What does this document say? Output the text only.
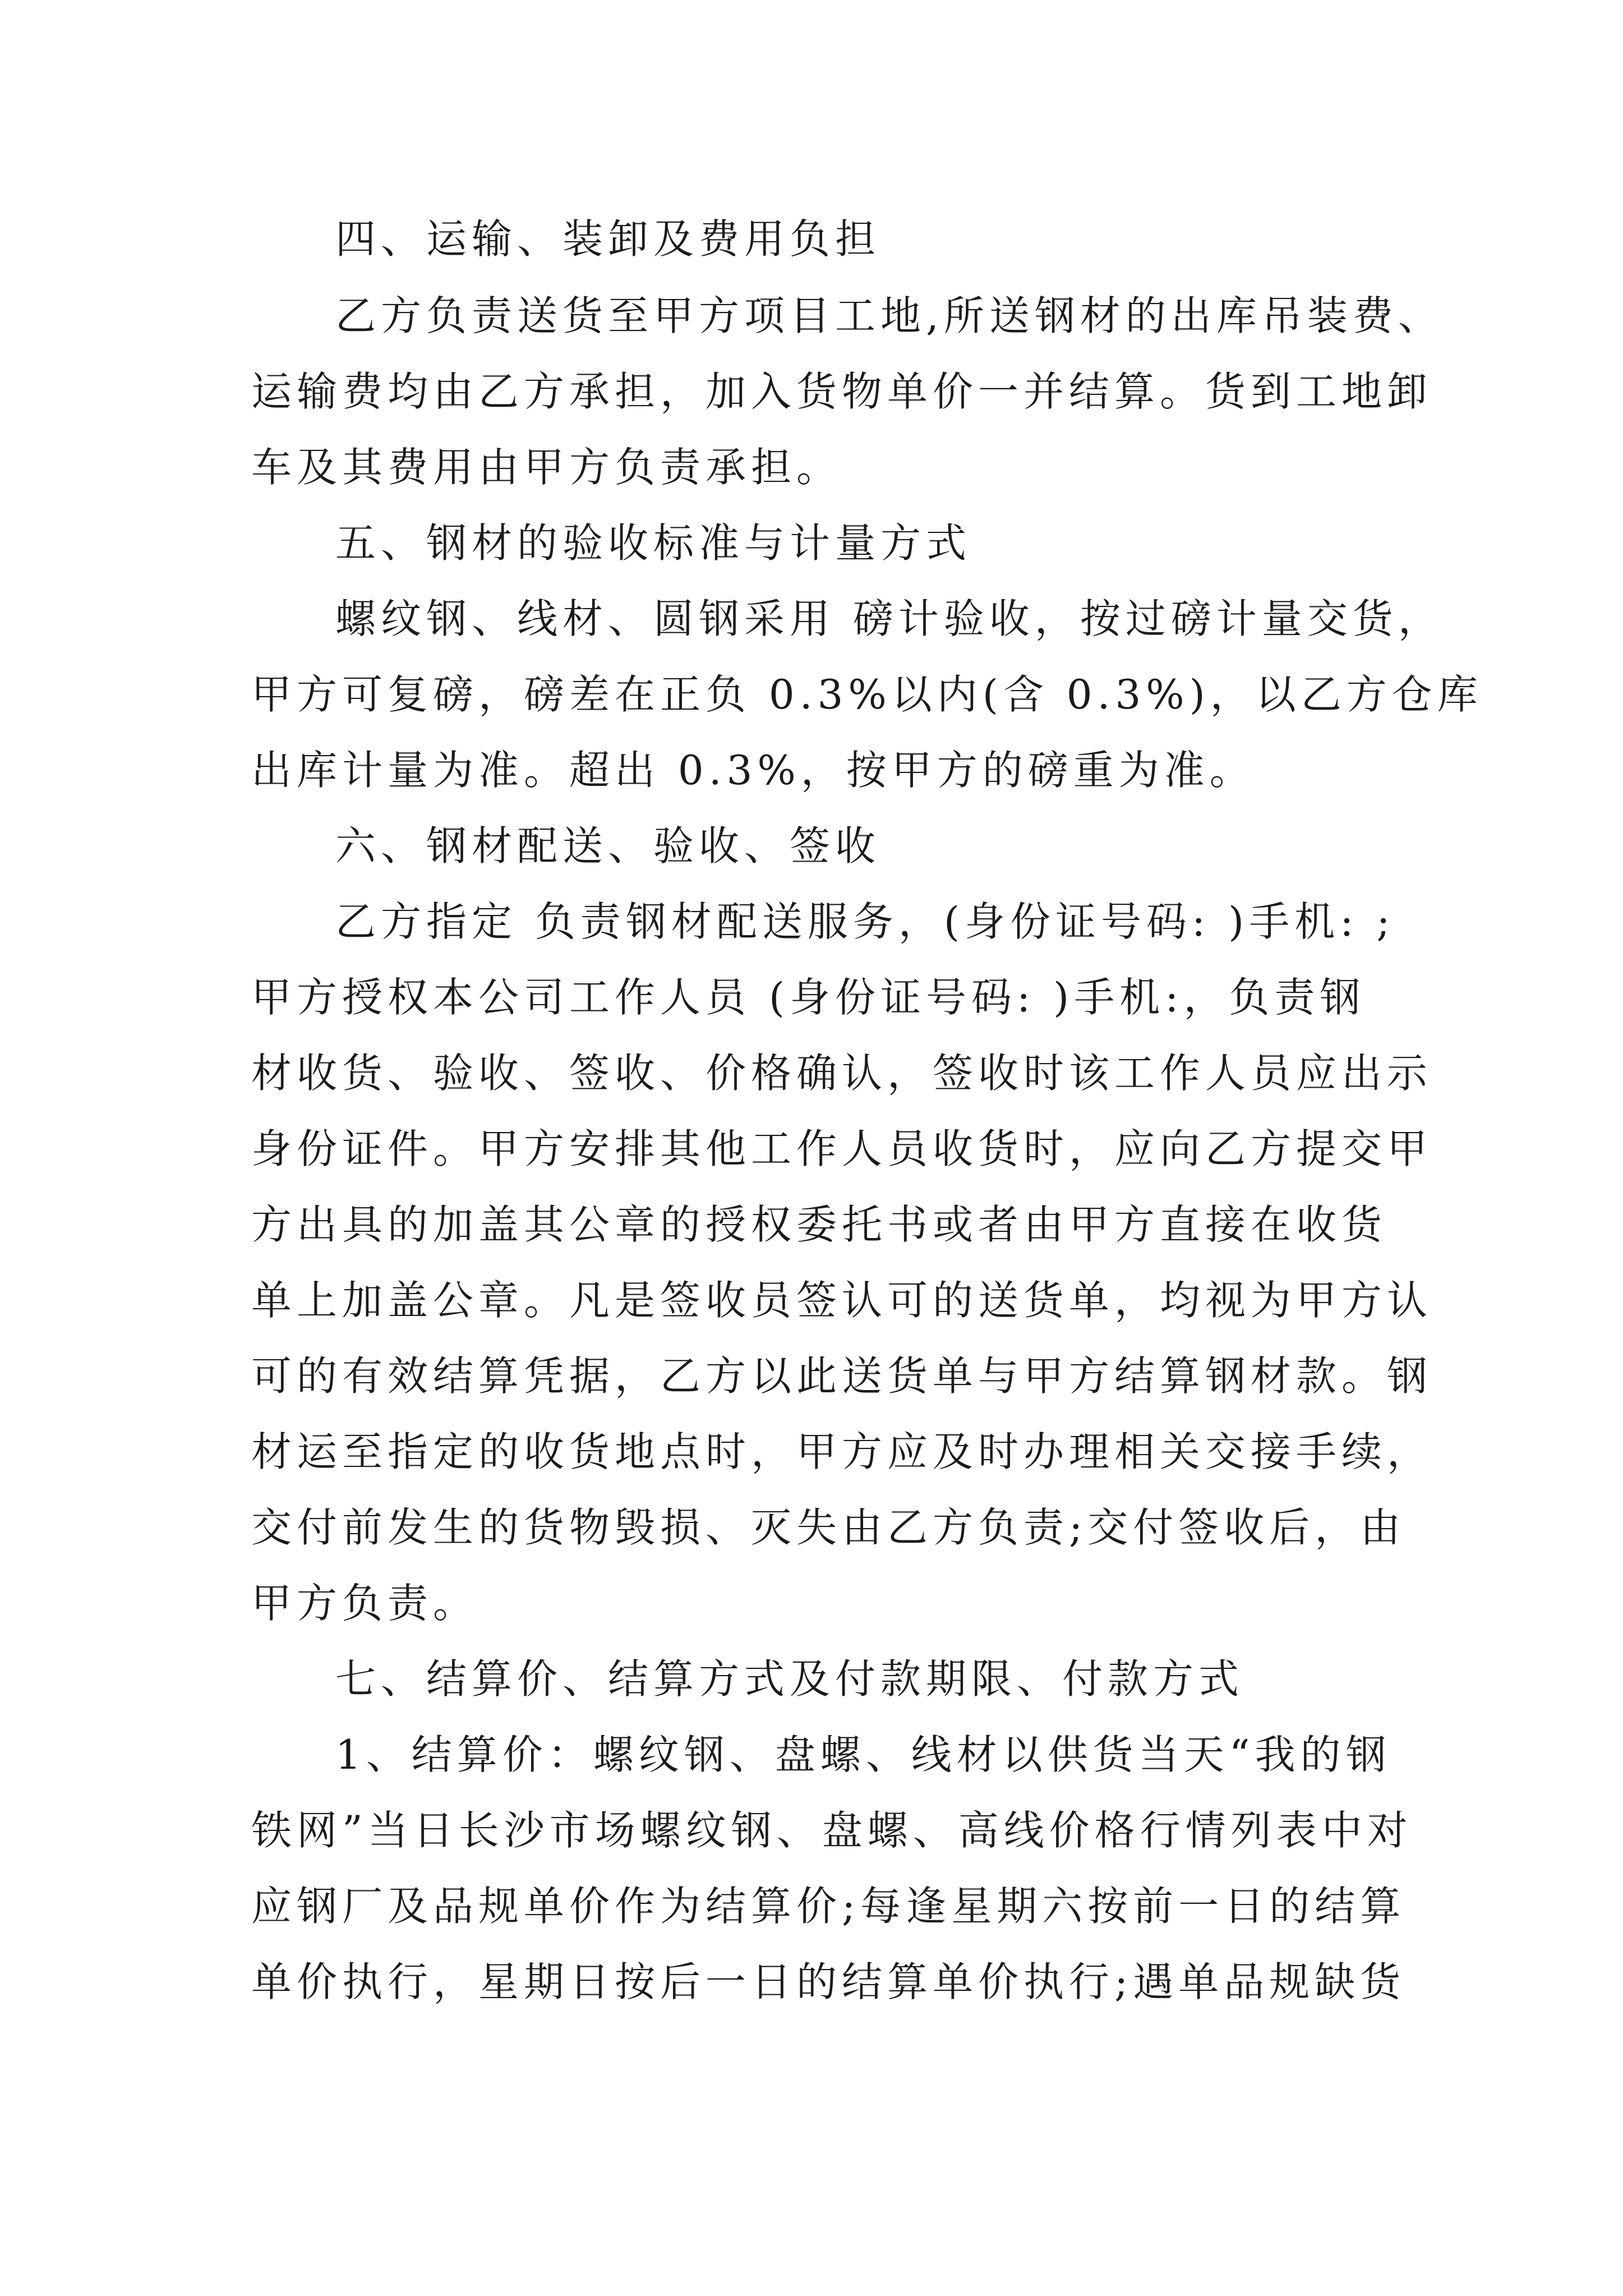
四、运输、装卸及费用负担
乙方负责送货至甲方项目工地,所送钢材的出库吊装费、
运输费均由乙方承担，加入货物单价一并结算。货到工地卸
车及其费用由甲方负责承担。
五、钢材的验收标准与计量方式
螺纹钢、线材、圆钢采用 磅计验收，按过磅计量交货，
甲方可复磅，磅差在正负 0.3%以内(含 0.3%)，以乙方仓库
出库计量为准。超出 0.3%，按甲方的磅重为准。
六、钢材配送、验收、签收
乙方指定 负责钢材配送服务，(身份证号码: )手机: ;
甲方授权本公司工作人员 (身份证号码: )手机:，负责钢
材收货、验收、签收、价格确认，签收时该工作人员应出示
身份证件。甲方安排其他工作人员收货时，应向乙方提交甲
方出具的加盖其公章的授权委托书或者由甲方直接在收货
单上加盖公章。凡是签收员签认可的送货单，均视为甲方认
可的有效结算凭据，乙方以此送货单与甲方结算钢材款。钢
材运至指定的收货地点时，甲方应及时办理相关交接手续，
交付前发生的货物毁损、灭失由乙方负责;交付签收后，由
甲方负责。
七、结算价、结算方式及付款期限、付款方式
1、结算价：螺纹钢、盘螺、线材以供货当天“我的钢
铁网”当日长沙市场螺纹钢、盘螺、高线价格行情列表中对
应钢厂及品规单价作为结算价;每逢星期六按前一日的结算
单价执行，星期日按后一日的结算单价执行;遇单品规缺货
